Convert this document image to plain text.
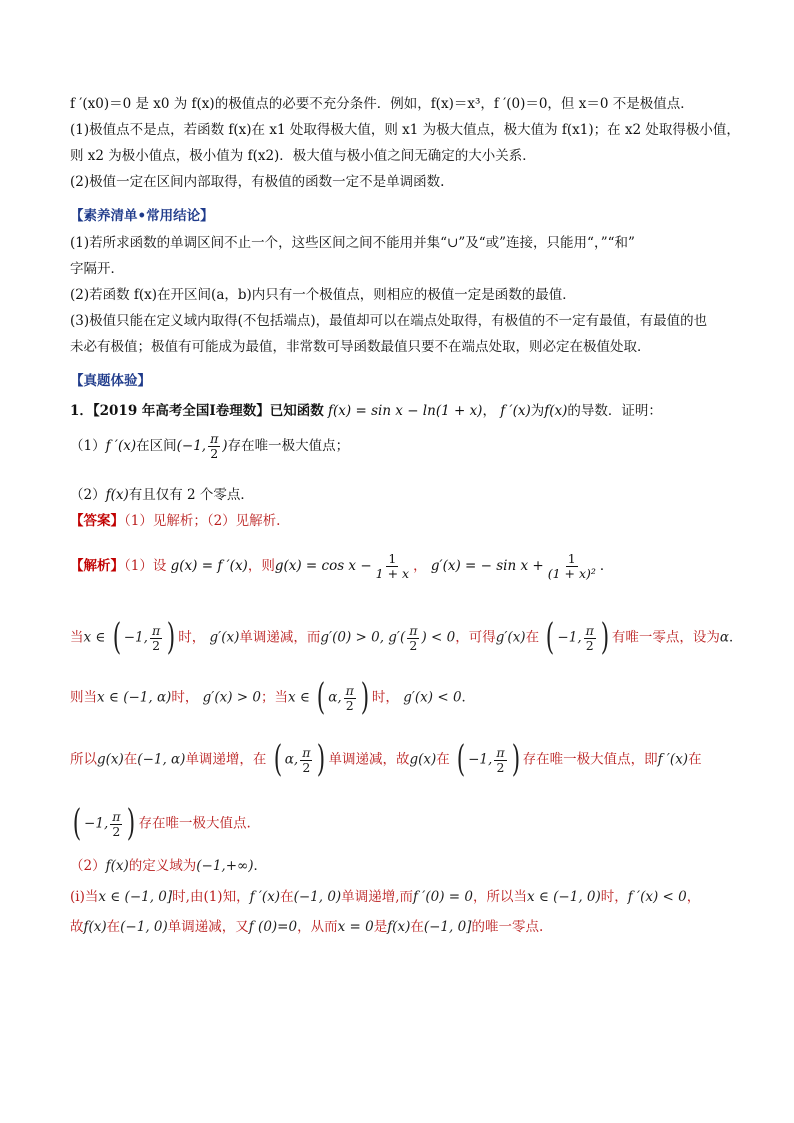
f ′(x0)＝0 是 x0 为 f(x)的极值点的必要不充分条件．例如，f(x)＝x³，f ′(0)＝0，但 x＝0 不是极值点．
(1)极值点不是点，若函数 f(x)在 x1 处取得极大值，则 x1 为极大值点，极大值为 f(x1)；在 x2 处取得极小值，
则 x2 为极小值点，极小值为 f(x2)．极大值与极小值之间无确定的大小关系．
(2)极值一定在区间内部取得，有极值的函数一定不是单调函数.
【素养清单•常用结论】
(1)若所求函数的单调区间不止一个，这些区间之间不能用并集“∪”及“或”连接，只能用“，”“和”
字隔开．
(2)若函数 f(x)在开区间(a，b)内只有一个极值点，则相应的极值一定是函数的最值．
(3)极值只能在定义域内取得(不包括端点)，最值却可以在端点处取得，有极值的不一定有最值，有最值的也
未必有极值；极值有可能成为最值，非常数可导函数最值只要不在端点处取，则必定在极值处取．
【真题体验】
1．【2019 年高考全国Ⅰ卷理数】已知函数 f(x) = sin x − ln(1 + x)， f ′(x)为f(x)的导数．证明：
（1）f ′(x)在区间(−1, $\frac{\pi}{2}$ )存在唯一极大值点；
（2）f(x)有且仅有 2 个零点．
【答案】（1）见解析；（2）见解析.
【解析】（1）设 g(x) = f ′(x)，则$g(x) = \cos x - \frac{1}{1 + x}$ ， g′(x) = − $\sin x + \frac{1}{\text{(1 + x)²}}$ ．
当x ∈ ( −1, $\frac{\pi}{2}$ ) 时， g′(x)单调递减，而g′(0) > 0, $g'( \frac{\pi}{2}$ ) < 0，可得g′(x)在 ( −1, $\frac{\pi}{2}$ ) 有唯一零点，设为α．
则当x ∈ (−1, α)时， g′(x) > 0；当x ∈ ( α, $\frac{\pi}{2}$ ) 时， g′(x) < 0．
所以g(x)在(−1, α)单调递增，在 ( α, $\frac{\pi}{2}$ ) 单调递减，故g(x)在 ( −1, $\frac{\pi}{2}$ ) 存在唯一极大值点，即f ′(x)在
( −1, $\frac{\pi}{2}$ ) 存在唯一极大值点.
（2）f(x)的定义域为(−1,+∞)．
(ⅰ)当x ∈ (−1, 0]时,由(1)知，f ′(x)在(−1, 0)单调递增,而f ′(0) = 0，所以当x ∈ (−1, 0)时，f ′(x) < 0，
故f(x)在(−1, 0)单调递减，又f (0)=0，从而x = 0是f(x)在(−1, 0]的唯一零点.
